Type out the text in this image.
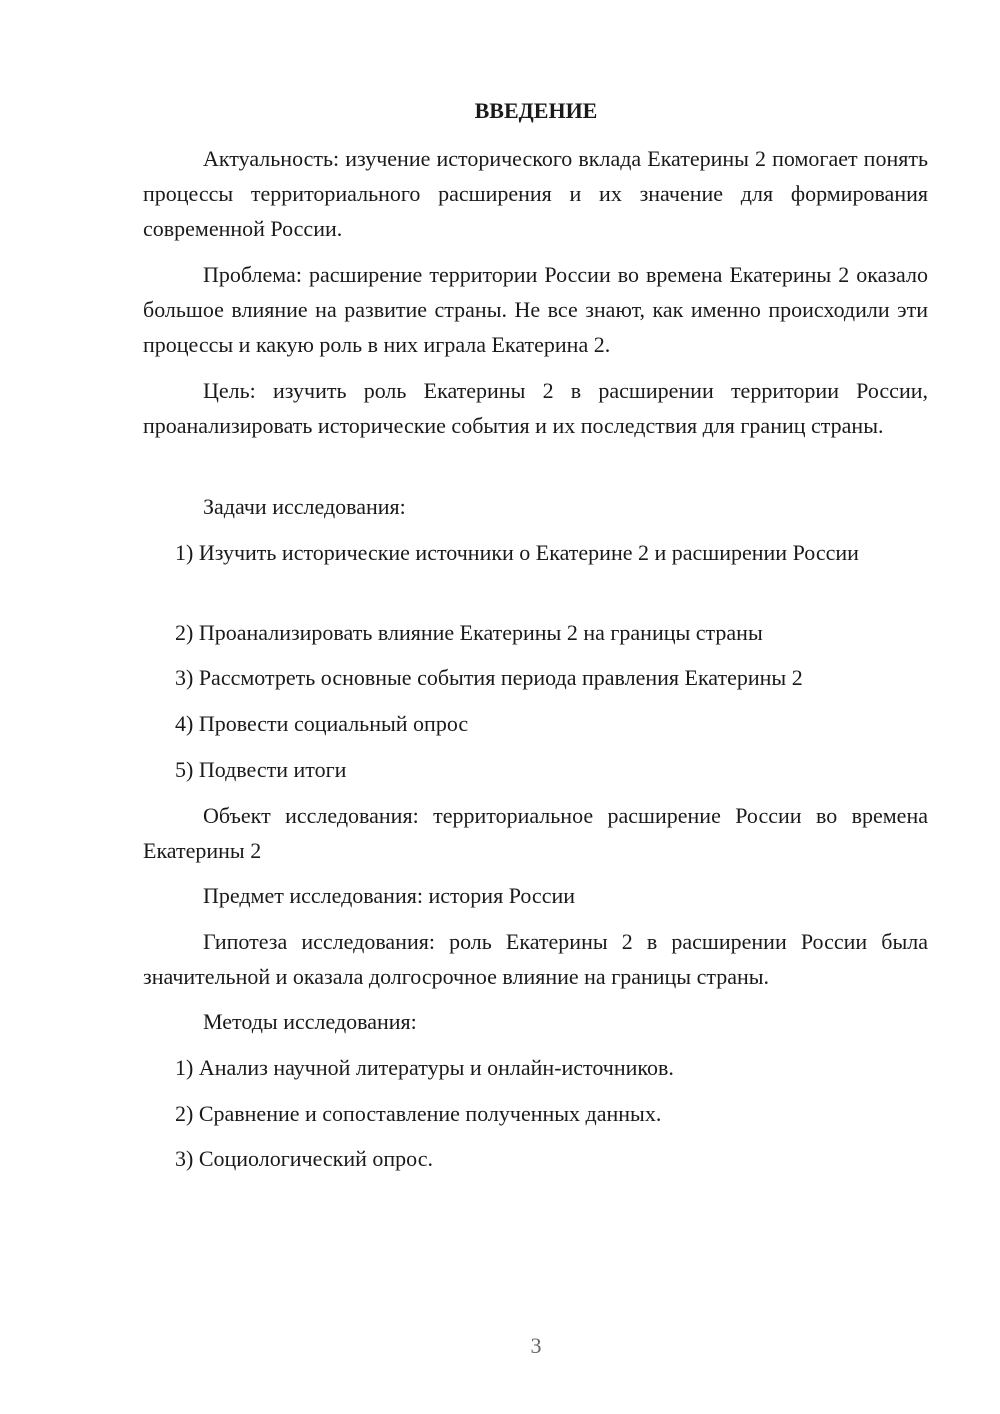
ВВЕДЕНИЕ

Актуальность: изучение исторического вклада Екатерины 2 помогает понять процессы территориального расширения и их значение для формирования современной России.

Проблема: расширение территории России во времена Екатерины 2 оказало большое влияние на развитие страны. Не все знают, как именно происходили эти процессы и какую роль в них играла Екатерина 2.

Цель: изучить роль Екатерины 2 в расширении территории России, проанализировать исторические события и их последствия для границ страны.

Задачи исследования:

1) Изучить исторические источники о Екатерине 2 и расширении России

2) Проанализировать влияние Екатерины 2 на границы страны

3) Рассмотреть основные события периода правления Екатерины 2

4) Провести социальный опрос

5) Подвести итоги

Объект исследования: территориальное расширение России во времена Екатерины 2

Предмет исследования: история России

Гипотеза исследования: роль Екатерины 2 в расширении России была значительной и оказала долгосрочное влияние на границы страны.

Методы исследования:

1) Анализ научной литературы и онлайн-источников.

2) Сравнение и сопоставление полученных данных.

3) Социологический опрос.

3
